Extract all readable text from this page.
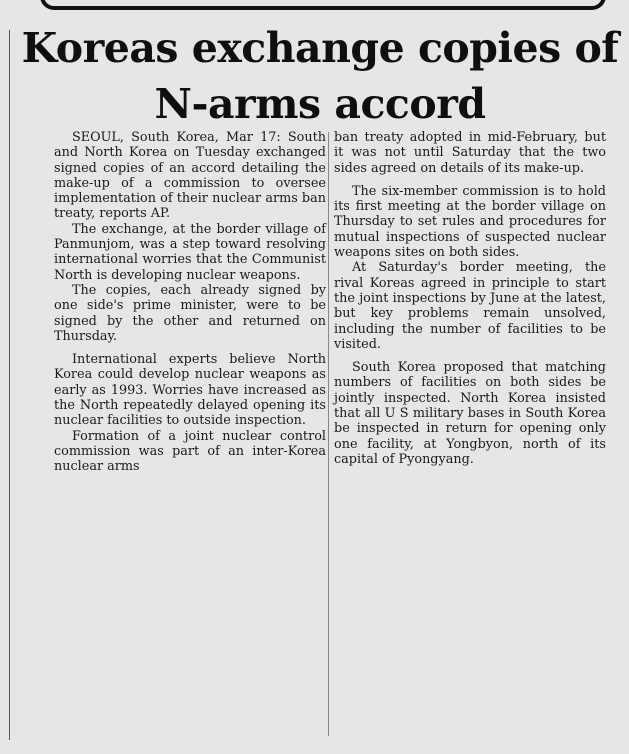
Koreas exchange copies of N-arms accord

SEOUL, South Korea, Mar 17: South and North Korea on Tuesday exchanged signed copies of an accord detailing the make-up of a commission to oversee implementation of their nuclear arms ban treaty, reports AP.

The exchange, at the border village of Panmunjom, was a step toward resolving international worries that the Communist North is developing nuclear weapons.

The copies, each already signed by one side's prime minister, were to be signed by the other and returned on Thursday.

International experts believe North Korea could develop nuclear weapons as early as 1993. Worries have increased as the North repeatedly delayed opening its nuclear facilities to outside inspection.

Formation of a joint nuclear control commission was part of an inter-Korea nuclear arms

ban treaty adopted in mid-February, but it was not until Saturday that the two sides agreed on details of its make-up.

The six-member commission is to hold its first meeting at the border village on Thursday to set rules and procedures for mutual inspections of suspected nuclear weapons sites on both sides.

At Saturday's border meeting, the rival Koreas agreed in principle to start the joint inspections by June at the latest, but key problems remain unsolved, including the number of facilities to be visited.

South Korea proposed that matching numbers of facilities on both sides be jointly inspected. North Korea insisted that all U S military bases in South Korea be inspected in return for opening only one facility, at Yongbyon, north of its capital of Pyongyang.
